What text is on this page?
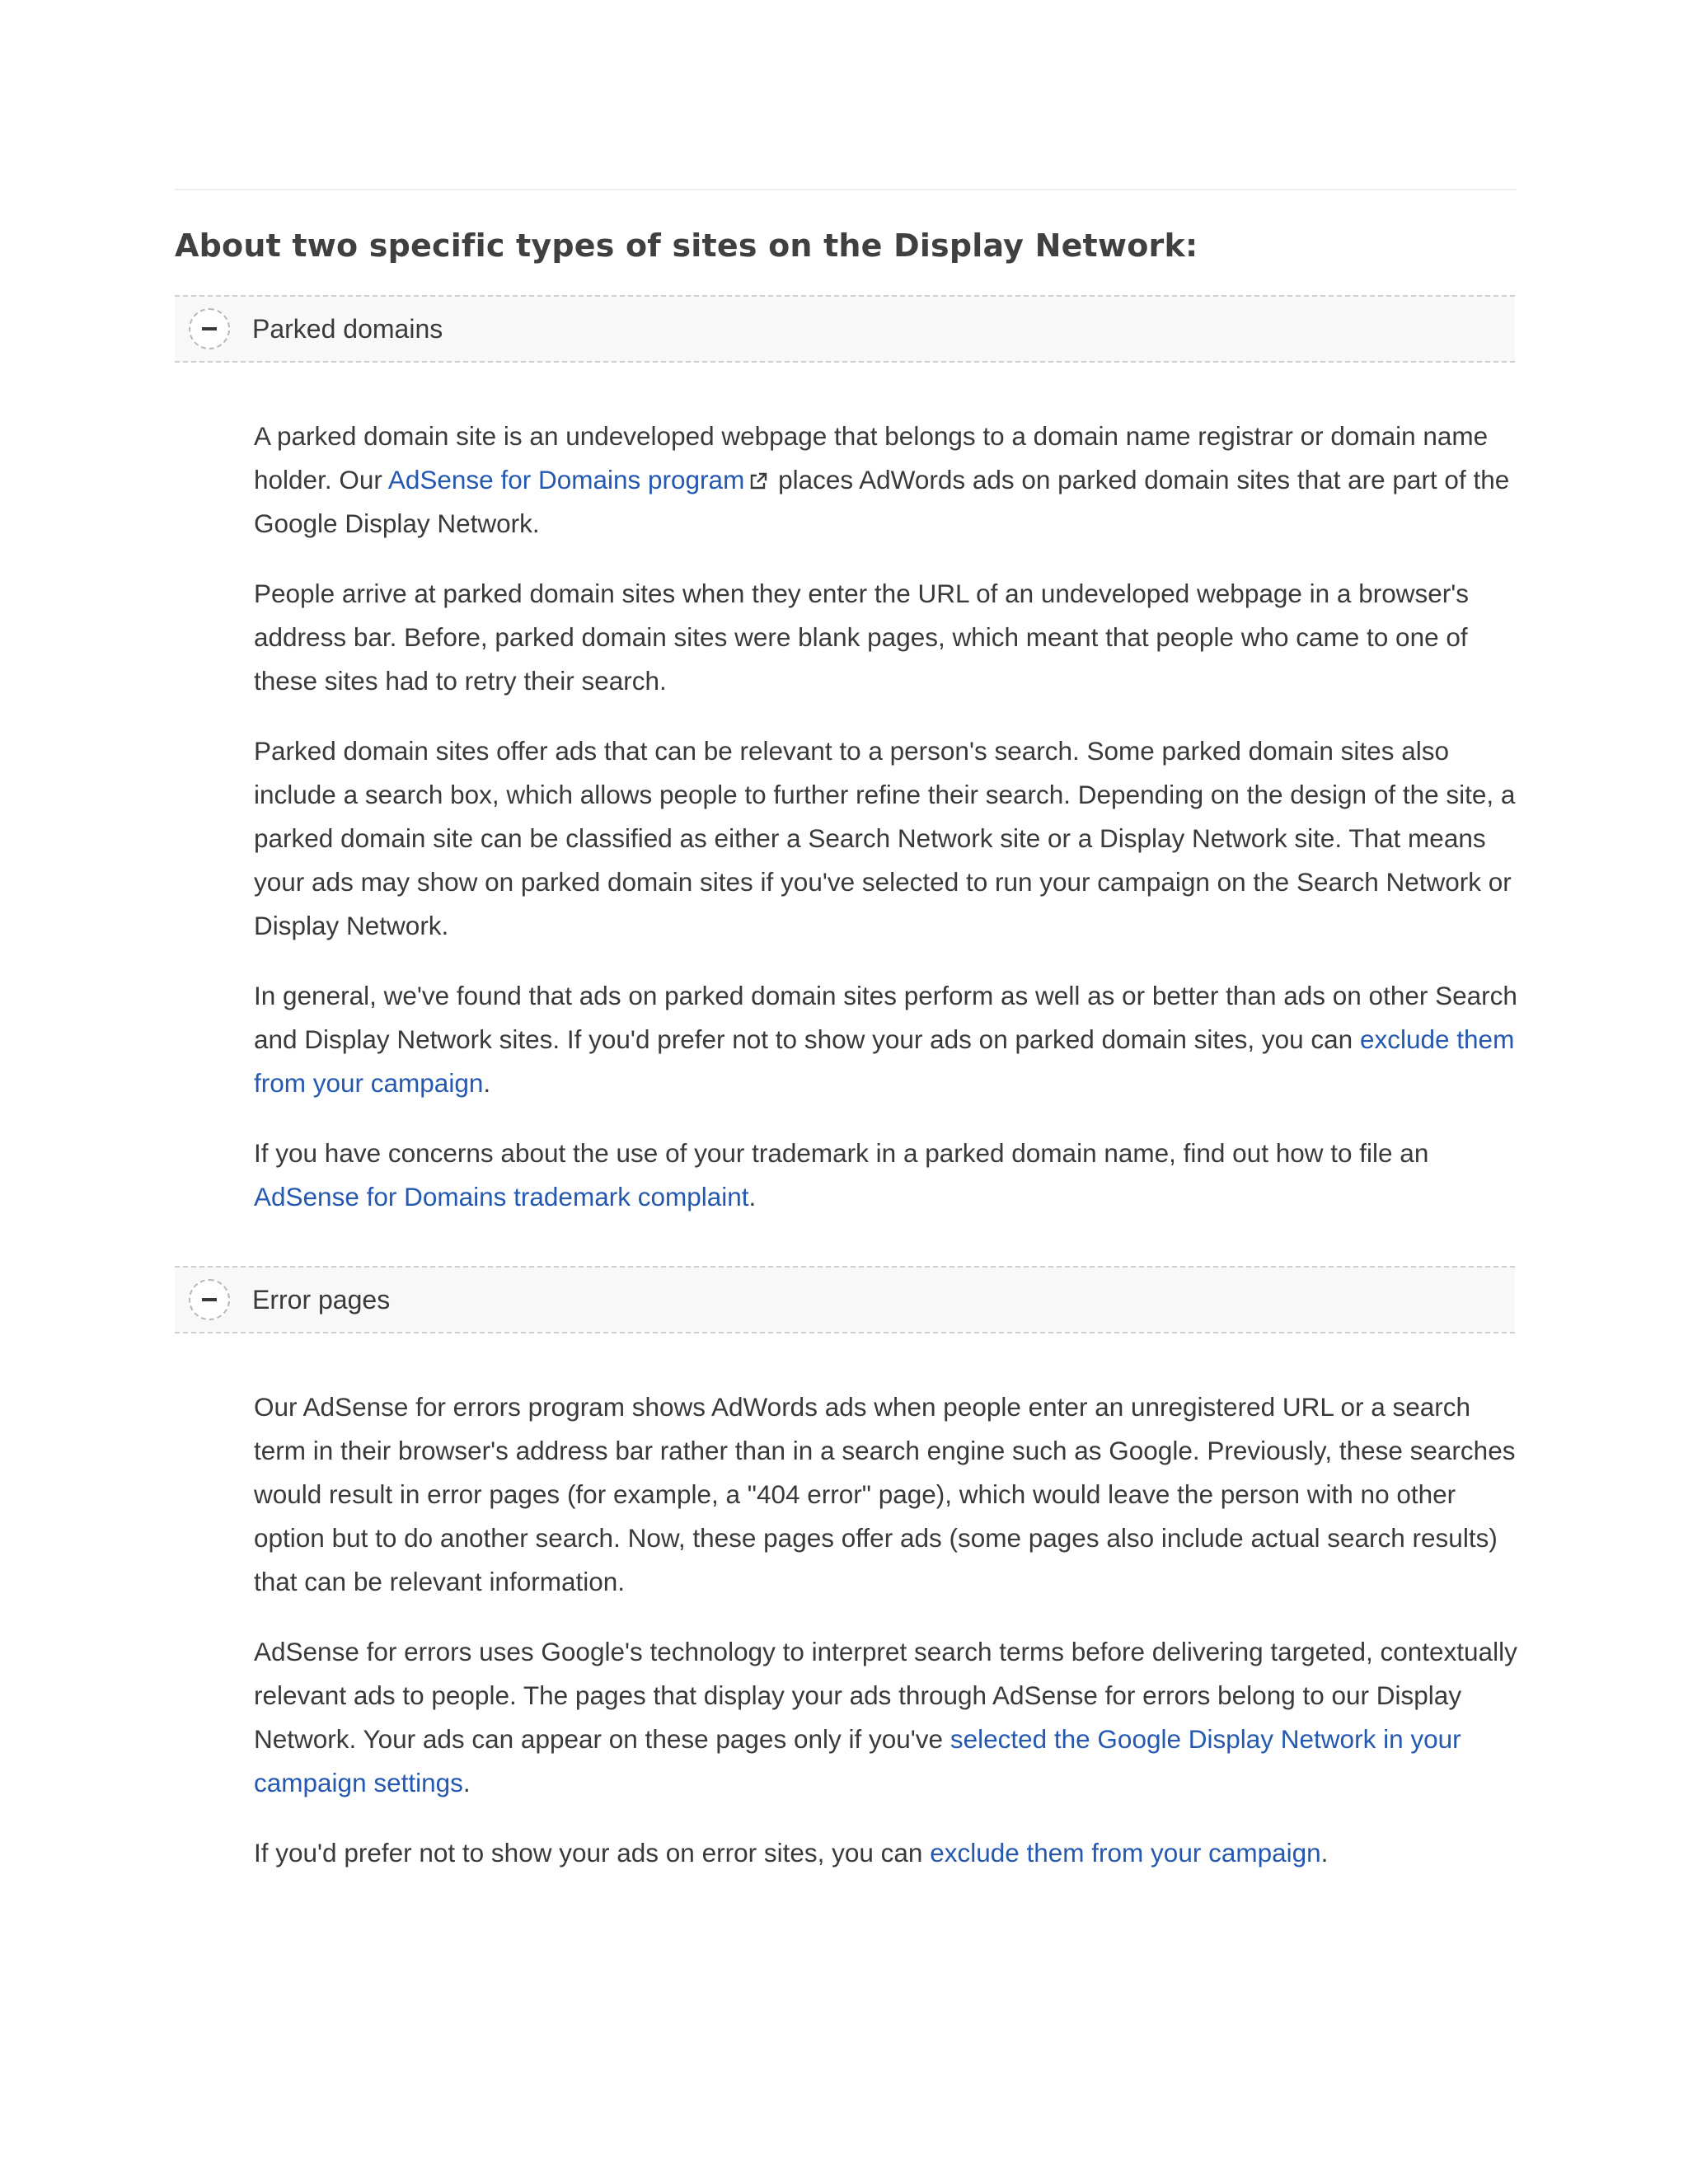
About two specific types of sites on the Display Network:
Parked domains

A parked domain site is an undeveloped webpage that belongs to a domain name registrar or domain name holder. Our AdSense for Domains program
places AdWords ads on parked domain sites that are part of the Google Display Network.

People arrive at parked domain sites when they enter the URL of an undeveloped webpage in a browser's address bar. Before, parked domain sites were blank pages, which meant that people who came to one of these sites had to retry their search.

Parked domain sites offer ads that can be relevant to a person's search. Some parked domain sites also include a search box, which allows people to further refine their search. Depending on the design of the site, a parked domain site can be classified as either a Search Network site or a Display Network site. That means your ads may show on parked domain sites if you've selected to run your campaign on the Search Network or Display Network.

In general, we've found that ads on parked domain sites perform as well as or better than ads on other Search and Display Network sites. If you'd prefer not to show your ads on parked domain sites, you can exclude them from your campaign.

If you have concerns about the use of your trademark in a parked domain name, find out how to file an AdSense for Domains trademark complaint.

Error pages

Our AdSense for errors program shows AdWords ads when people enter an unregistered URL or a search term in their browser's address bar rather than in a search engine such as Google. Previously, these searches would result in error pages (for example, a "404 error" page), which would leave the person with no other option but to do another search. Now, these pages offer ads (some pages also include actual search results) that can be relevant information.

AdSense for errors uses Google's technology to interpret search terms before delivering targeted, contextually relevant ads to people. The pages that display your ads through AdSense for errors belong to our Display Network. Your ads can appear on these pages only if you've selected the Google Display Network in your campaign settings.

If you'd prefer not to show your ads on error sites, you can exclude them from your campaign.
